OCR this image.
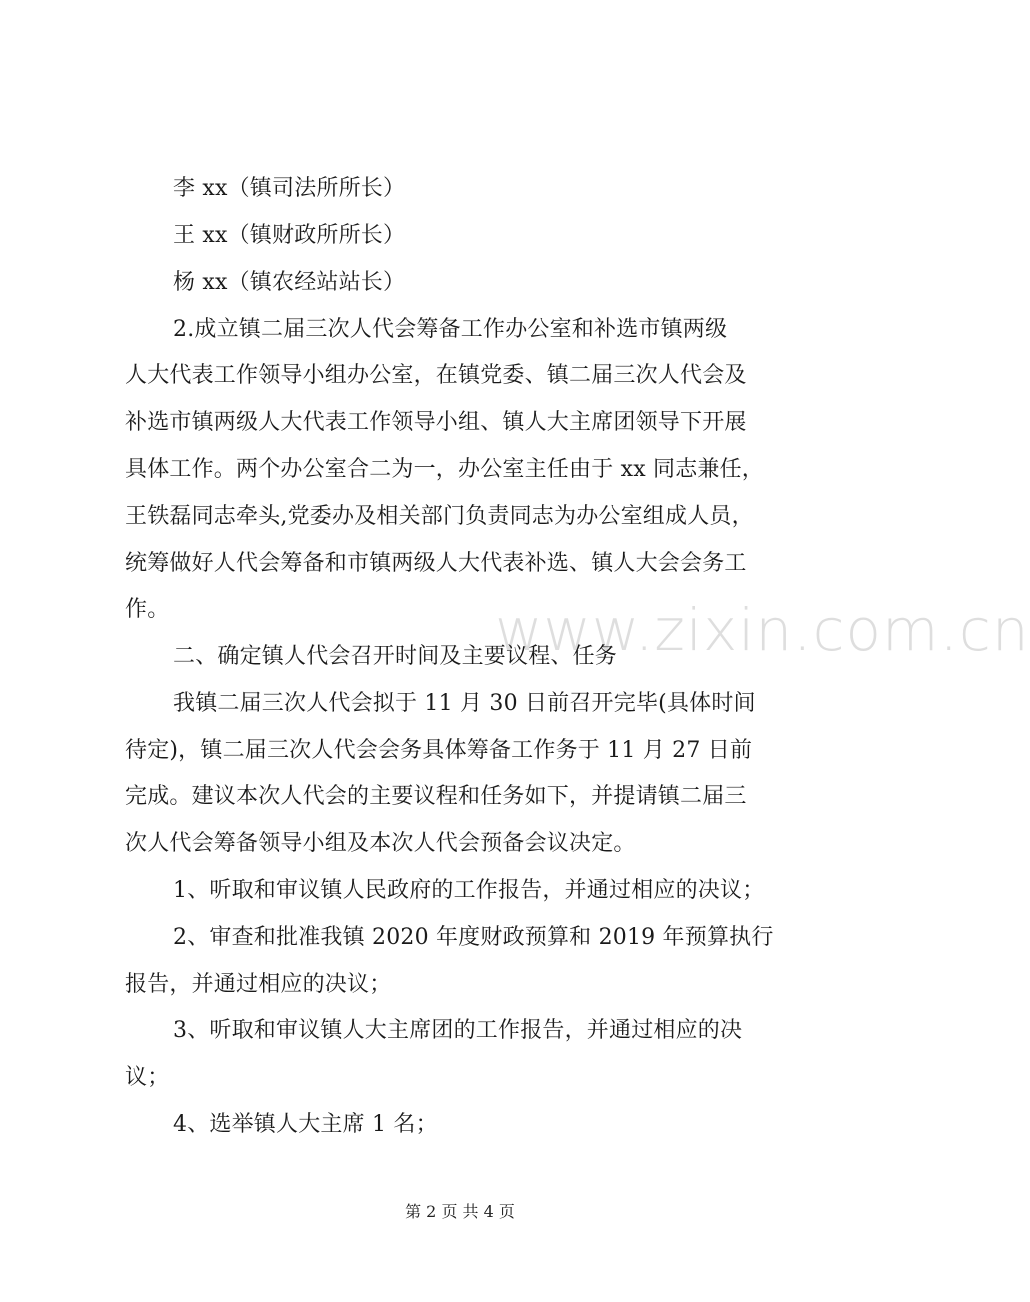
李 xx（镇司法所所长）
王 xx（镇财政所所长）
杨 xx（镇农经站站长）
2.成立镇二届三次人代会筹备工作办公室和补选市镇两级
人大代表工作领导小组办公室，在镇党委、镇二届三次人代会及
补选市镇两级人大代表工作领导小组、镇人大主席团领导下开展
具体工作。两个办公室合二为一，办公室主任由于 xx 同志兼任，
王铁磊同志牵头,党委办及相关部门负责同志为办公室组成人员，
统筹做好人代会筹备和市镇两级人大代表补选、镇人大会会务工
作。	www.zixin.com.cn
二、确定镇人代会召开时间及主要议程、任务
我镇二届三次人代会拟于 11 月 30 日前召开完毕(具体时间
待定)，镇二届三次人代会会务具体筹备工作务于 11 月 27 日前
完成。建议本次人代会的主要议程和任务如下，并提请镇二届三
次人代会筹备领导小组及本次人代会预备会议决定。
1、听取和审议镇人民政府的工作报告，并通过相应的决议；
2、审查和批准我镇 2020 年度财政预算和 2019 年预算执行
报告，并通过相应的决议；
3、听取和审议镇人大主席团的工作报告，并通过相应的决
议；
4、选举镇人大主席 1 名；
第 2 页 共 4 页
